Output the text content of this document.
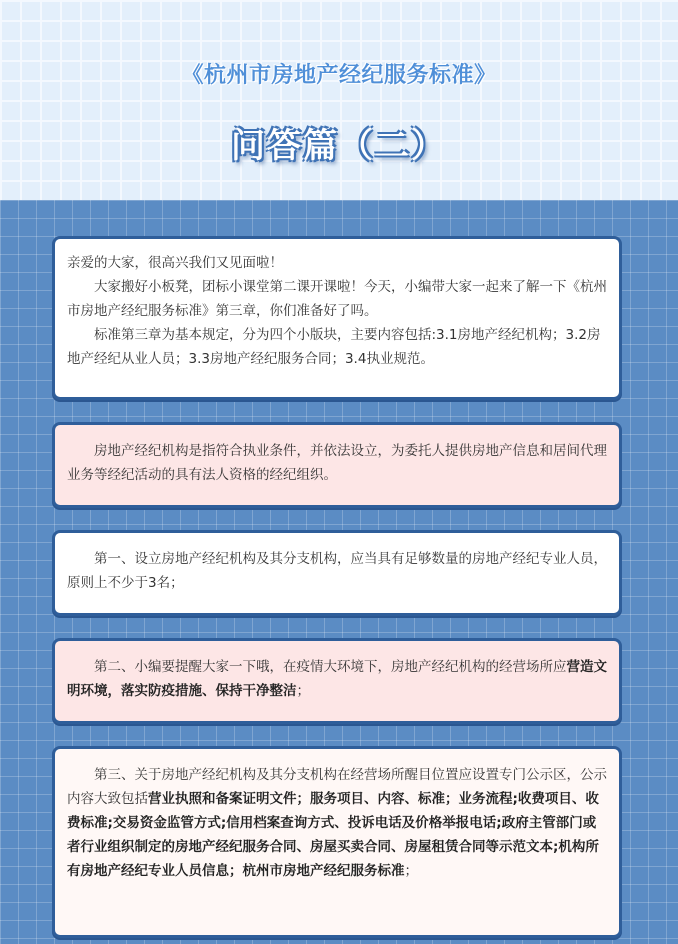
《杭州市房地产经纪服务标准》
问答篇（二）

亲爱的大家，很高兴我们又见面啦！

大家搬好小板凳，团标小课堂第二课开课啦！今天，小编带大家一起来了解一下《杭州市房地产经纪服务标准》第三章，你们准备好了吗。

标准第三章为基本规定，分为四个小版块，主要内容包括:3.1房地产经纪机构；3.2房地产经纪从业人员；3.3房地产经纪服务合同；3.4执业规范。

房地产经纪机构是指符合执业条件，并依法设立，为委托人提供房地产信息和居间代理业务等经纪活动的具有法人资格的经纪组织。

第一、设立房地产经纪机构及其分支机构，应当具有足够数量的房地产经纪专业人员，原则上不少于3名；

第二、小编要提醒大家一下哦，在疫情大环境下，房地产经纪机构的经营场所应营造文明环境，落实防疫措施、保持干净整洁；

第三、关于房地产经纪机构及其分支机构在经营场所醒目位置应设置专门公示区，公示内容大致包括营业执照和备案证明文件；服务项目、内容、标准；业务流程;收费项目、收费标准;交易资金监管方式;信用档案查询方式、投诉电话及价格举报电话;政府主管部门或者行业组织制定的房地产经纪服务合同、房屋买卖合同、房屋租赁合同等示范文本;机构所有房地产经纪专业人员信息；杭州市房地产经纪服务标准；
